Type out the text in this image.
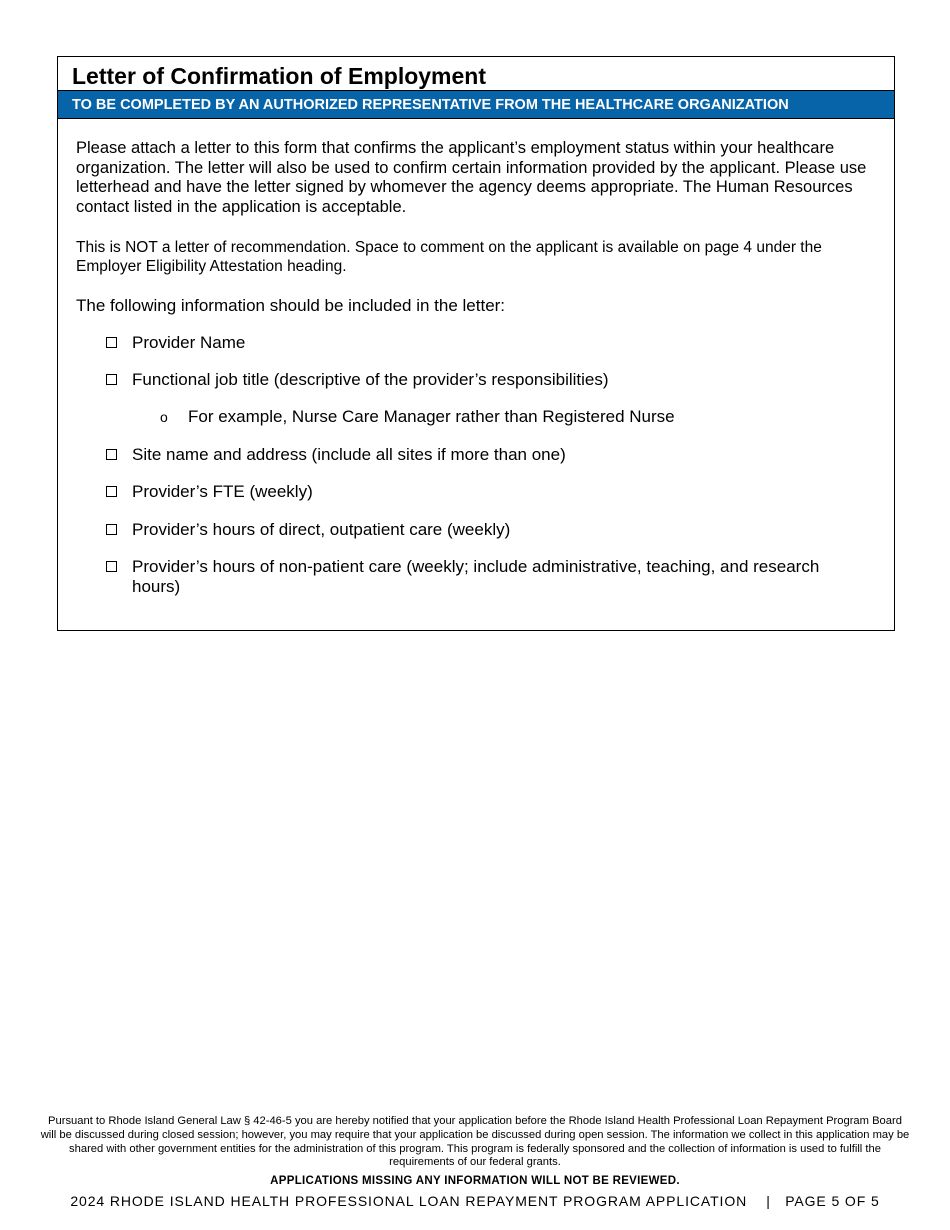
Letter of Confirmation of Employment
TO BE COMPLETED BY AN AUTHORIZED REPRESENTATIVE FROM THE HEALTHCARE ORGANIZATION
Please attach a letter to this form that confirms the applicant’s employment status within your healthcare organization. The letter will also be used to confirm certain information provided by the applicant. Please use letterhead and have the letter signed by whomever the agency deems appropriate. The Human Resources contact listed in the application is acceptable.
This is NOT a letter of recommendation. Space to comment on the applicant is available on page 4 under the Employer Eligibility Attestation heading.
The following information should be included in the letter:
Provider Name
Functional job title (descriptive of the provider’s responsibilities)
o For example, Nurse Care Manager rather than Registered Nurse
Site name and address (include all sites if more than one)
Provider’s FTE (weekly)
Provider’s hours of direct, outpatient care (weekly)
Provider’s hours of non-patient care (weekly; include administrative, teaching, and research hours)
Pursuant to Rhode Island General Law § 42-46-5 you are hereby notified that your application before the Rhode Island Health Professional Loan Repayment Program Board will be discussed during closed session; however, you may require that your application be discussed during open session. The information we collect in this application may be shared with other government entities for the administration of this program. This program is federally sponsored and the collection of information is used to fulfill the requirements of our federal grants.
APPLICATIONS MISSING ANY INFORMATION WILL NOT BE REVIEWED.
2024 RHODE ISLAND HEALTH PROFESSIONAL LOAN REPAYMENT PROGRAM APPLICATION    |   PAGE 5 OF 5
